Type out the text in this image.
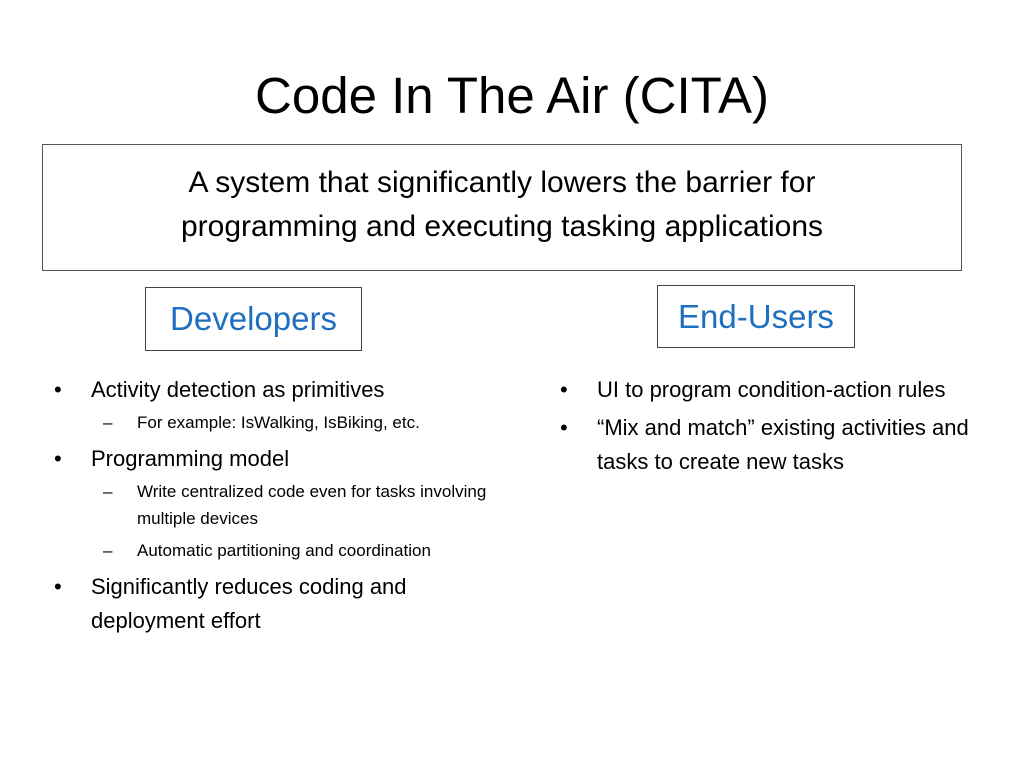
Code In The Air (CITA)
A system that significantly lowers the barrier for
programming and executing tasking applications
Developers	End-Users
• Activity detection as primitives
– For example: IsWalking, IsBiking, etc.
• Programming model
– Write centralized code even for tasks involving multiple devices
– Automatic partitioning and coordination
• Significantly reduces coding and deployment effort
• UI to program condition-action rules
• “Mix and match” existing activities and tasks to create new tasks
